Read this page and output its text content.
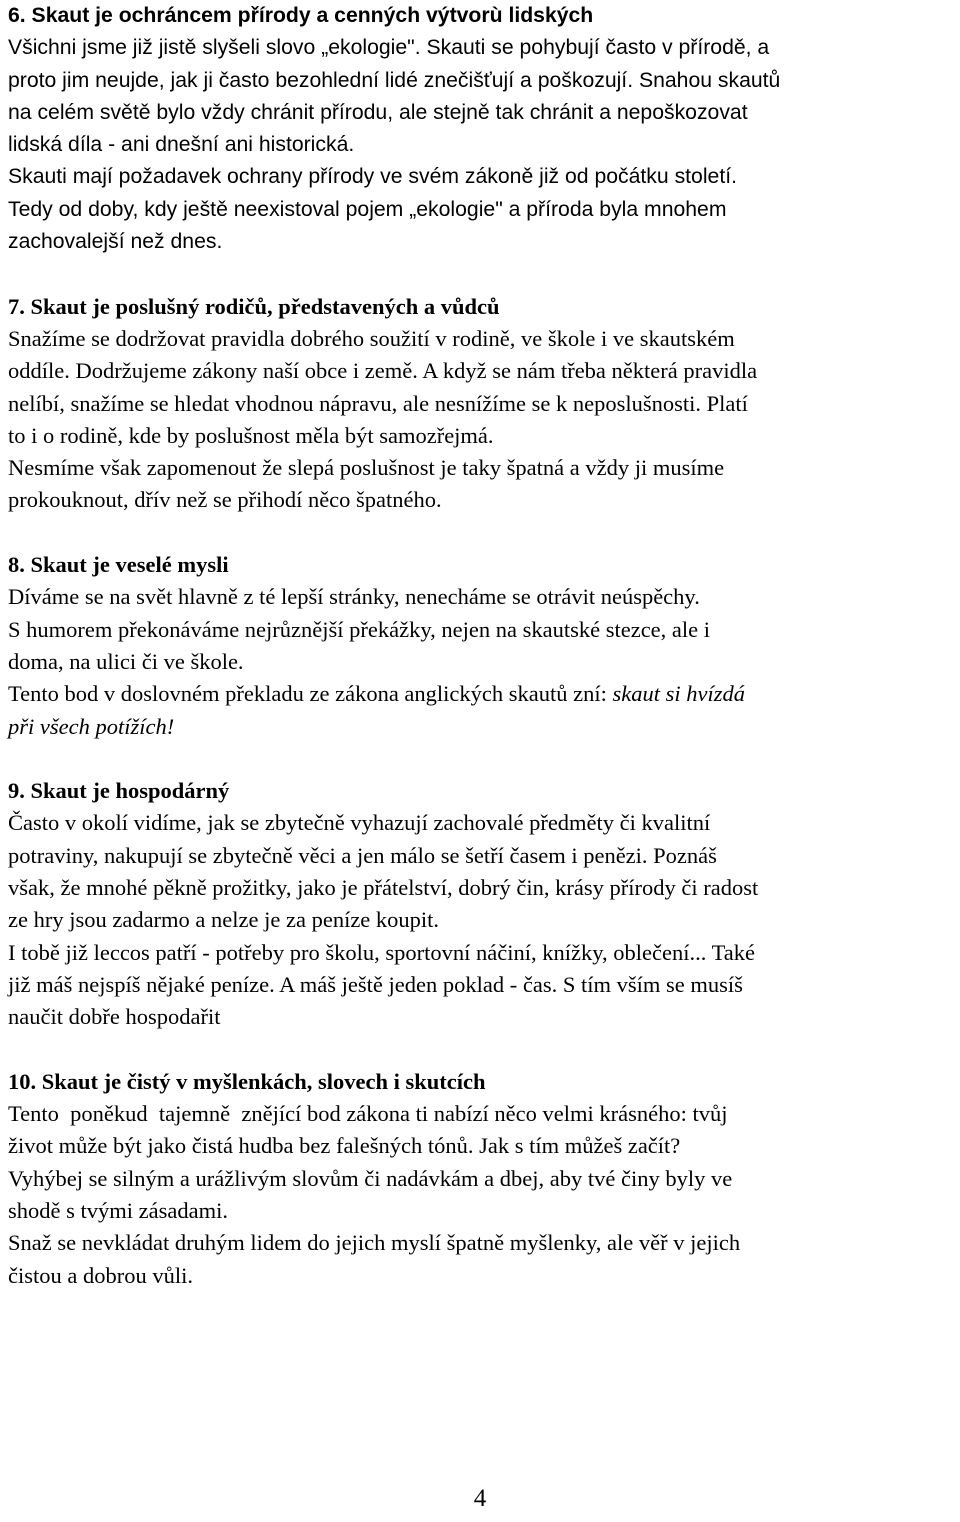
6. Skaut je ochráncem přírody a cenných výtvorù lidských
Všichni jsme již jistě slyšeli slovo „ekologie". Skauti se pohybují často v přírodě, a
proto jim neujde, jak ji často bezohlední lidé znečišťují a poškozují. Snahou skautů
na celém světě bylo vždy chránit přírodu, ale stejně tak chránit a nepoškozovat
lidská díla - ani dnešní ani historická.
Skauti mají požadavek ochrany přírody ve svém zákoně již od počátku století.
Tedy od doby, kdy ještě neexistoval pojem „ekologie" a příroda byla mnohem
zachovalejší než dnes.
7. Skaut je poslušný rodičů, představených a vůdců
Snažíme se dodržovat pravidla dobrého soužití v rodině, ve škole i ve skautském
oddíle. Dodržujeme zákony naší obce i země. A když se nám třeba některá pravidla
nelíbí, snažíme se hledat vhodnou nápravu, ale nesnížíme se k neposlušnosti. Platí
to i o rodině, kde by poslušnost měla být samozřejmá.
Nesmíme však zapomenout že slepá poslušnost je taky špatná a vždy ji musíme
prokouknout, dřív než se přihodí něco špatného.
8. Skaut je veselé mysli
Díváme se na svět hlavně z té lepší stránky, nenecháme se otrávit neúspěchy.
S humorem překonáváme nejrůznější překážky, nejen na skautské stezce, ale i
doma, na ulici či ve škole.
Tento bod v doslovném překladu ze zákona anglických skautů zní: skaut si hvízdá
při všech potížích!
9. Skaut je hospodárný
Často v okolí vidíme, jak se zbytečně vyhazují zachovalé předměty či kvalitní
potraviny, nakupují se zbytečně věci a jen málo se šetří časem i penězi. Poznáš
však, že mnohé pěkně prožitky, jako je přátelství, dobrý čin, krásy přírody či radost
ze hry jsou zadarmo a nelze je za peníze koupit.
I tobě již leccos patří - potřeby pro školu, sportovní náčiní, knížky, oblečení... Také
již máš nejspíš nějaké peníze. A máš ještě jeden poklad - čas. S tím vším se musíš
naučit dobře hospodařit
10. Skaut je čistý v myšlenkách, slovech i skutcích
Tento  poněkud  tajemně  znějící bod zákona ti nabízí něco velmi krásného: tvůj
život může být jako čistá hudba bez falešných tónů. Jak s tím můžeš začít?
Vyhýbej se silným a urážlivým slovům či nadávkám a dbej, aby tvé činy byly ve
shodě s tvými zásadami.
Snaž se nevkládat druhým lidem do jejich myslí špatně myšlenky, ale věř v jejich
čistou a dobrou vůli.
4
